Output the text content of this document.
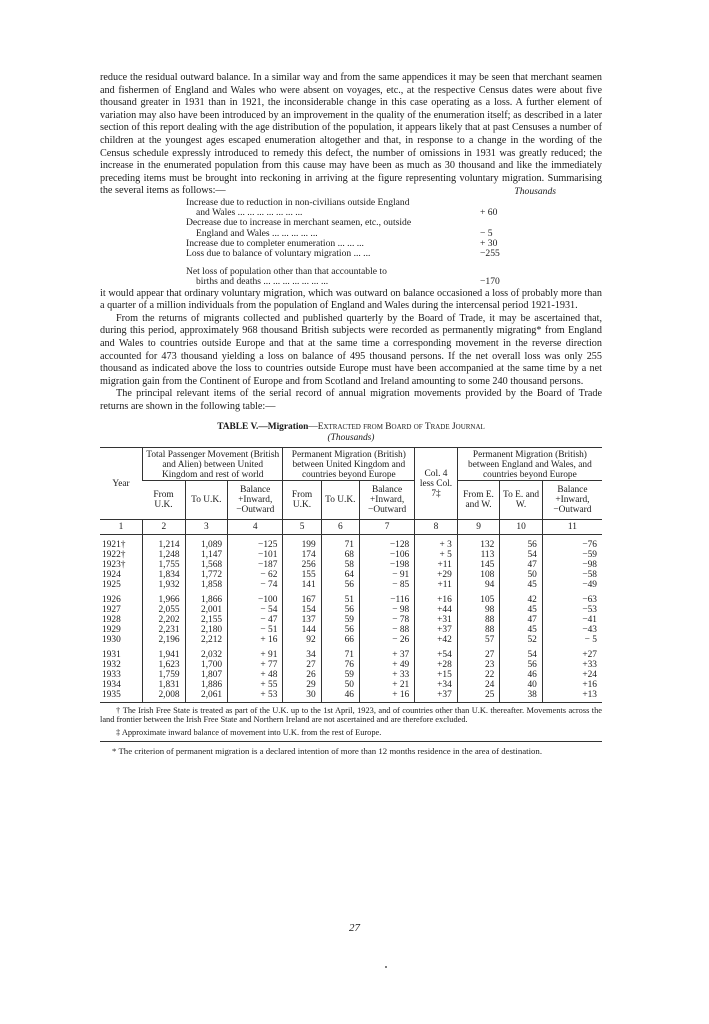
reduce the residual outward balance. In a similar way and from the same appendices it may be seen that merchant seamen and fishermen of England and Wales who were absent on voyages, etc., at the respective Census dates were about five thousand greater in 1931 than in 1921, the inconsiderable change in this case operating as a loss. A further element of variation may also have been introduced by an improvement in the quality of the enumeration itself; as described in a later section of this report dealing with the age distribution of the population, it appears likely that at past Censuses a number of children at the youngest ages escaped enumeration altogether and that, in response to a change in the wording of the Census schedule expressly introduced to remedy this defect, the number of omissions in 1931 was greatly reduced; the increase in the enumerated population from this cause may have been as much as 30 thousand and like the immediately preceding items must be brought into reckoning in arriving at the figure representing voluntary migration. Summarising the several items as follows:—	Thousands
Increase due to reduction in non-civilians outside England
and Wales ... ... ... ... ... ... ...	+ 60
Decrease due to increase in merchant seamen, etc., outside
England and Wales ... ... ... ... ...	− 5
Increase due to completer enumeration ... ... ...	+ 30
Loss due to balance of voluntary migration ... ...	−255
Net loss of population other than that accountable to
births and deaths ... ... ... ... ... ... ...	−170

it would appear that ordinary voluntary migration, which was outward on balance occasioned a loss of probably more than a quarter of a million individuals from the population of England and Wales during the intercensal period 1921-1931.

From the returns of migrants collected and published quarterly by the Board of Trade, it may be ascertained that, during this period, approximately 968 thousand British subjects were recorded as permanently migrating* from England and Wales to countries outside Europe and that at the same time a corresponding movement in the reverse direction accounted for 473 thousand yielding a loss on balance of 495 thousand persons. If the net overall loss was only 255 thousand as indicated above the loss to countries outside Europe must have been accompanied at the same time by a net migration gain from the Continent of Europe and from Scotland and Ireland amounting to some 240 thousand persons.

The principal relevant items of the serial record of annual migration movements provided by the Board of Trade returns are shown in the following table:—

TABLE V.—Migration—Extracted from Board of Trade Journal
(Thousands)
Year	Total Passenger Movement (British and Alien) between United Kingdom and rest of world			Permanent Migration (British) between United Kingdom and countries beyond Europe			Col. 4 less Col. 7‡	Permanent Migration (British) between England and Wales, and countries beyond Europe		
	From U.K.	To U.K.	Balance +Inward, −Outward	From U.K.	To U.K.	Balance +Inward, −Outward		From E. and W.	To E. and W.	Balance +Inward, −Outward
1	2	3	4	5	6	7	8	9	10	11
1921†	1,214	1,089	−125	199	71	−128	+ 3	132	56	−76
1922†	1,248	1,147	−101	174	68	−106	+ 5	113	54	−59
1923†	1,755	1,568	−187	256	58	−198	+11	145	47	−98
1924	1,834	1,772	− 62	155	64	− 91	+29	108	50	−58
1925	1,932	1,858	− 74	141	56	− 85	+11	94	45	−49
1926	1,966	1,866	−100	167	51	−116	+16	105	42	−63
1927	2,055	2,001	− 54	154	56	− 98	+44	98	45	−53
1928	2,202	2,155	− 47	137	59	− 78	+31	88	47	−41
1929	2,231	2,180	− 51	144	56	− 88	+37	88	45	−43
1930	2,196	2,212	+ 16	92	66	− 26	+42	57	52	− 5
1931	1,941	2,032	+ 91	34	71	+ 37	+54	27	54	+27
1932	1,623	1,700	+ 77	27	76	+ 49	+28	23	56	+33
1933	1,759	1,807	+ 48	26	59	+ 33	+15	22	46	+24
1934	1,831	1,886	+ 55	29	50	+ 21	+34	24	40	+16
1935	2,008	2,061	+ 53	30	46	+ 16	+37	25	38	+13
† The Irish Free State is treated as part of the U.K. up to the 1st April, 1923, and of countries other than U.K. thereafter. Movements across the land frontier between the Irish Free State and Northern Ireland are not ascertained and are therefore excluded.
‡ Approximate inward balance of movement into U.K. from the rest of Europe.
* The criterion of permanent migration is a declared intention of more than 12 months residence in the area of destination.
27
